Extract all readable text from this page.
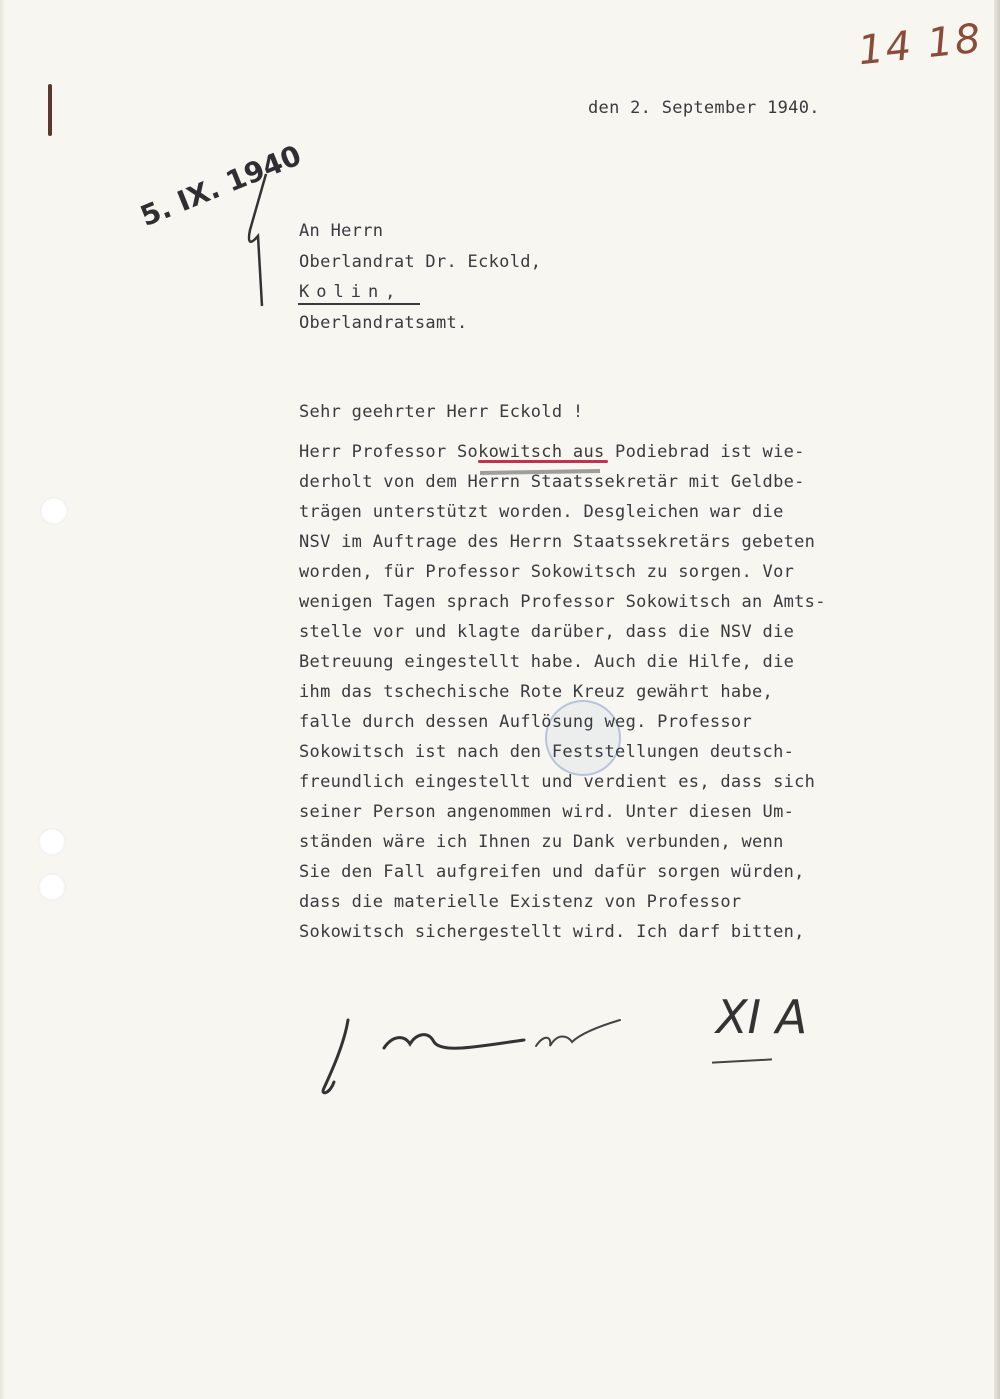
14 18

den 2. September 1940.

5. IX. 1940

An Herrn

Oberlandrat Dr. Eckold,

Kolin,

Oberlandratsamt.

Sehr geehrter Herr Eckold !

Herr Professor Sokowitsch aus Podiebrad ist wie-

derholt von dem Herrn Staatssekretär mit Geldbe-

trägen unterstützt worden. Desgleichen war die

NSV im Auftrage des Herrn Staatssekretärs gebeten

worden, für Professor Sokowitsch zu sorgen. Vor

wenigen Tagen sprach Professor Sokowitsch an Amts-

stelle vor und klagte darüber, dass die NSV die

Betreuung eingestellt habe. Auch die Hilfe, die

ihm das tschechische Rote Kreuz gewährt habe,

falle durch dessen Auflösung weg. Professor

Sokowitsch ist nach den Feststellungen deutsch-

freundlich eingestellt und verdient es, dass sich

seiner Person angenommen wird. Unter diesen Um-

ständen wäre ich Ihnen zu Dank verbunden, wenn

Sie den Fall aufgreifen und dafür sorgen würden,

dass die materielle Existenz von Professor

Sokowitsch sichergestellt wird. Ich darf bitten,

XI A
